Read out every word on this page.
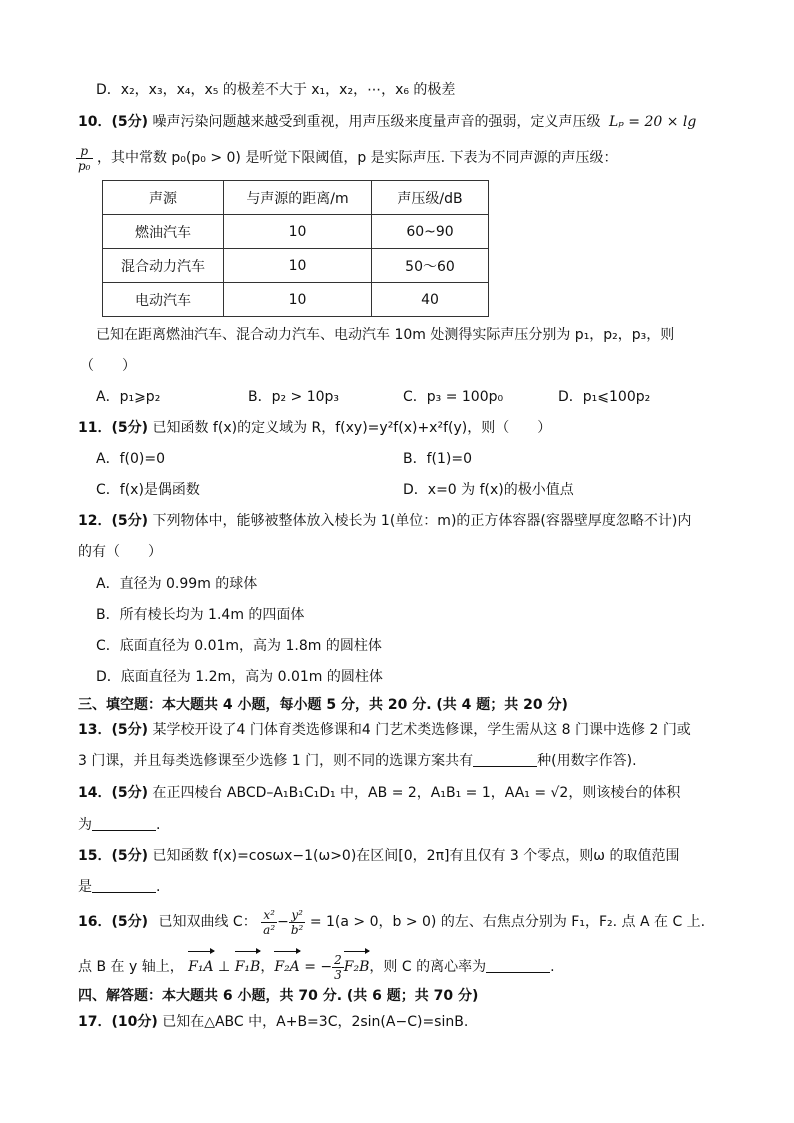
D．x₂，x₃，x₄，x₅ 的极差不大于 x₁，x₂，⋯，x₆ 的极差
10．(5分) 噪声污染问题越来越受到重视，用声压级来度量声音的强弱，定义声压级 Lₚ = 20 × lg
$\frac{p}{\text{p₀}}$ ，其中常数 p₀(p₀ > 0) 是听觉下限阈值，p 是实际声压. 下表为不同声源的声压级：
声源	与声源的距离/m	声压级/dB
燃油汽车	10	60~90
混合动力汽车	10	50～60
电动汽车	10	40
已知在距离燃油汽车、混合动力汽车、电动汽车 10m 处测得实际声压分别为 p₁，p₂，p₃，则
（　　）
A．p₁⩾p₂	B．p₂ > 10p₃	C．p₃ = 100p₀	D．p₁⩽100p₂
11．(5分) 已知函数 f(x)的定义域为 R，f(xy)=y²f(x)+x²f(y)，则（　　）
A．f(0)=0	B．f(1)=0
C．f(x)是偶函数	D．x=0 为 f(x)的极小值点
12．(5分) 下列物体中，能够被整体放入棱长为 1(单位：m)的正方体容器(容器壁厚度忽略不计)内
的有（　　）
A．直径为 0.99m 的球体
B．所有棱长均为 1.4m 的四面体
C．底面直径为 0.01m，高为 1.8m 的圆柱体
D．底面直径为 1.2m，高为 0.01m 的圆柱体
三、填空题：本大题共 4 小题，每小题 5 分，共 20 分. (共 4 题；共 20 分)
13．(5分) 某学校开设了4 门体育类选修课和4 门艺术类选修课，学生需从这 8 门课中选修 2 门或
3 门课，并且每类选修课至少选修 1 门，则不同的选课方案共有	种(用数字作答).
14．(5分) 在正四棱台 ABCD–A₁B₁C₁D₁ 中，AB = 2，A₁B₁ = 1，AA₁ = √2，则该棱台的体积
为	.
15．(5分) 已知函数 f(x)=cosωx−1(ω>0)在区间[0，2π]有且仅有 3 个零点，则ω 的取值范围
是	.
16．(5分) 已知双曲线 C： $\frac{\text{x²}}{\text{a²}} - \frac{\text{y²}}{\text{b²}} = 1(a > 0$，b > 0) 的左、右焦点分别为 F₁，F₂. 点 A 在 C 上.
点 B 在 y 轴上， F₁A ⊥ F₁B，F₂A = − $\frac{2}{3} F_2B$，则 C 的离心率为	.
四、解答题：本大题共 6 小题，共 70 分. (共 6 题；共 70 分)
17．(10分) 已知在△ABC 中，A+B=3C，2sin(A−C)=sinB.
